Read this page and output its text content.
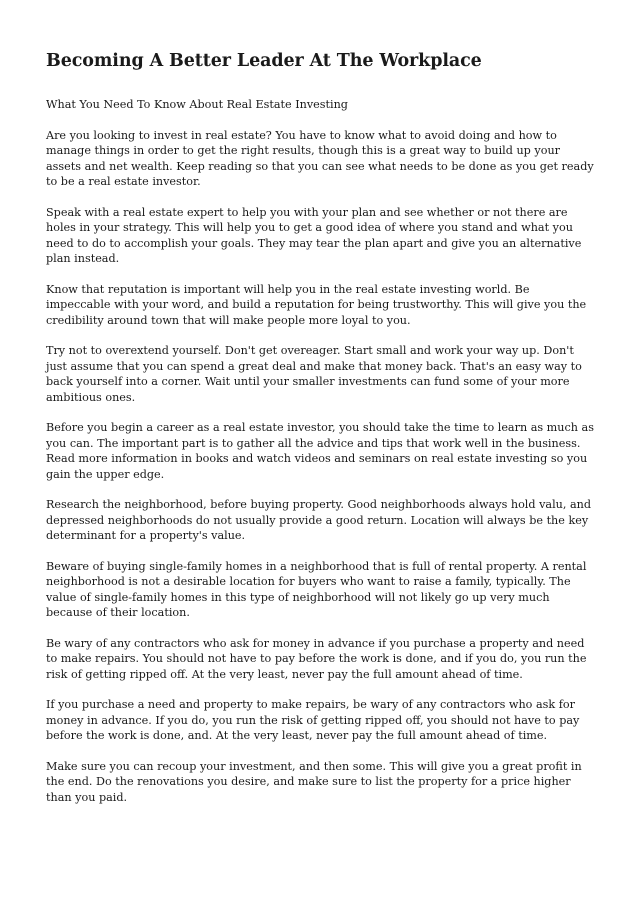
Becoming A Better Leader At The Workplace

What You Need To Know About Real Estate Investing

Are you looking to invest in real estate? You have to know what to avoid doing and how to manage things in order to get the right results, though this is a great way to build up your assets and net wealth. Keep reading so that you can see what needs to be done as you get ready to be a real estate investor.

Speak with a real estate expert to help you with your plan and see whether or not there are holes in your strategy. This will help you to get a good idea of where you stand and what you need to do to accomplish your goals. They may tear the plan apart and give you an alternative plan instead.

Know that reputation is important will help you in the real estate investing world. Be impeccable with your word, and build a reputation for being trustworthy. This will give you the credibility around town that will make people more loyal to you.

Try not to overextend yourself. Don't get overeager. Start small and work your way up. Don't just assume that you can spend a great deal and make that money back. That's an easy way to back yourself into a corner. Wait until your smaller investments can fund some of your more ambitious ones.

Before you begin a career as a real estate investor, you should take the time to learn as much as you can. The important part is to gather all the advice and tips that work well in the business. Read more information in books and watch videos and seminars on real estate investing so you gain the upper edge.

Research the neighborhood, before buying property. Good neighborhoods always hold valu, and depressed neighborhoods do not usually provide a good return. Location will always be the key determinant for a property's value.

Beware of buying single-family homes in a neighborhood that is full of rental property. A rental neighborhood is not a desirable location for buyers who want to raise a family, typically. The value of single-family homes in this type of neighborhood will not likely go up very much because of their location.

Be wary of any contractors who ask for money in advance if you purchase a property and need to make repairs. You should not have to pay before the work is done, and if you do, you run the risk of getting ripped off. At the very least, never pay the full amount ahead of time.

If you purchase a need and property to make repairs, be wary of any contractors who ask for money in advance. If you do, you run the risk of getting ripped off, you should not have to pay before the work is done, and. At the very least, never pay the full amount ahead of time.

Make sure you can recoup your investment, and then some. This will give you a great profit in the end. Do the renovations you desire, and make sure to list the property for a price higher than you paid.
